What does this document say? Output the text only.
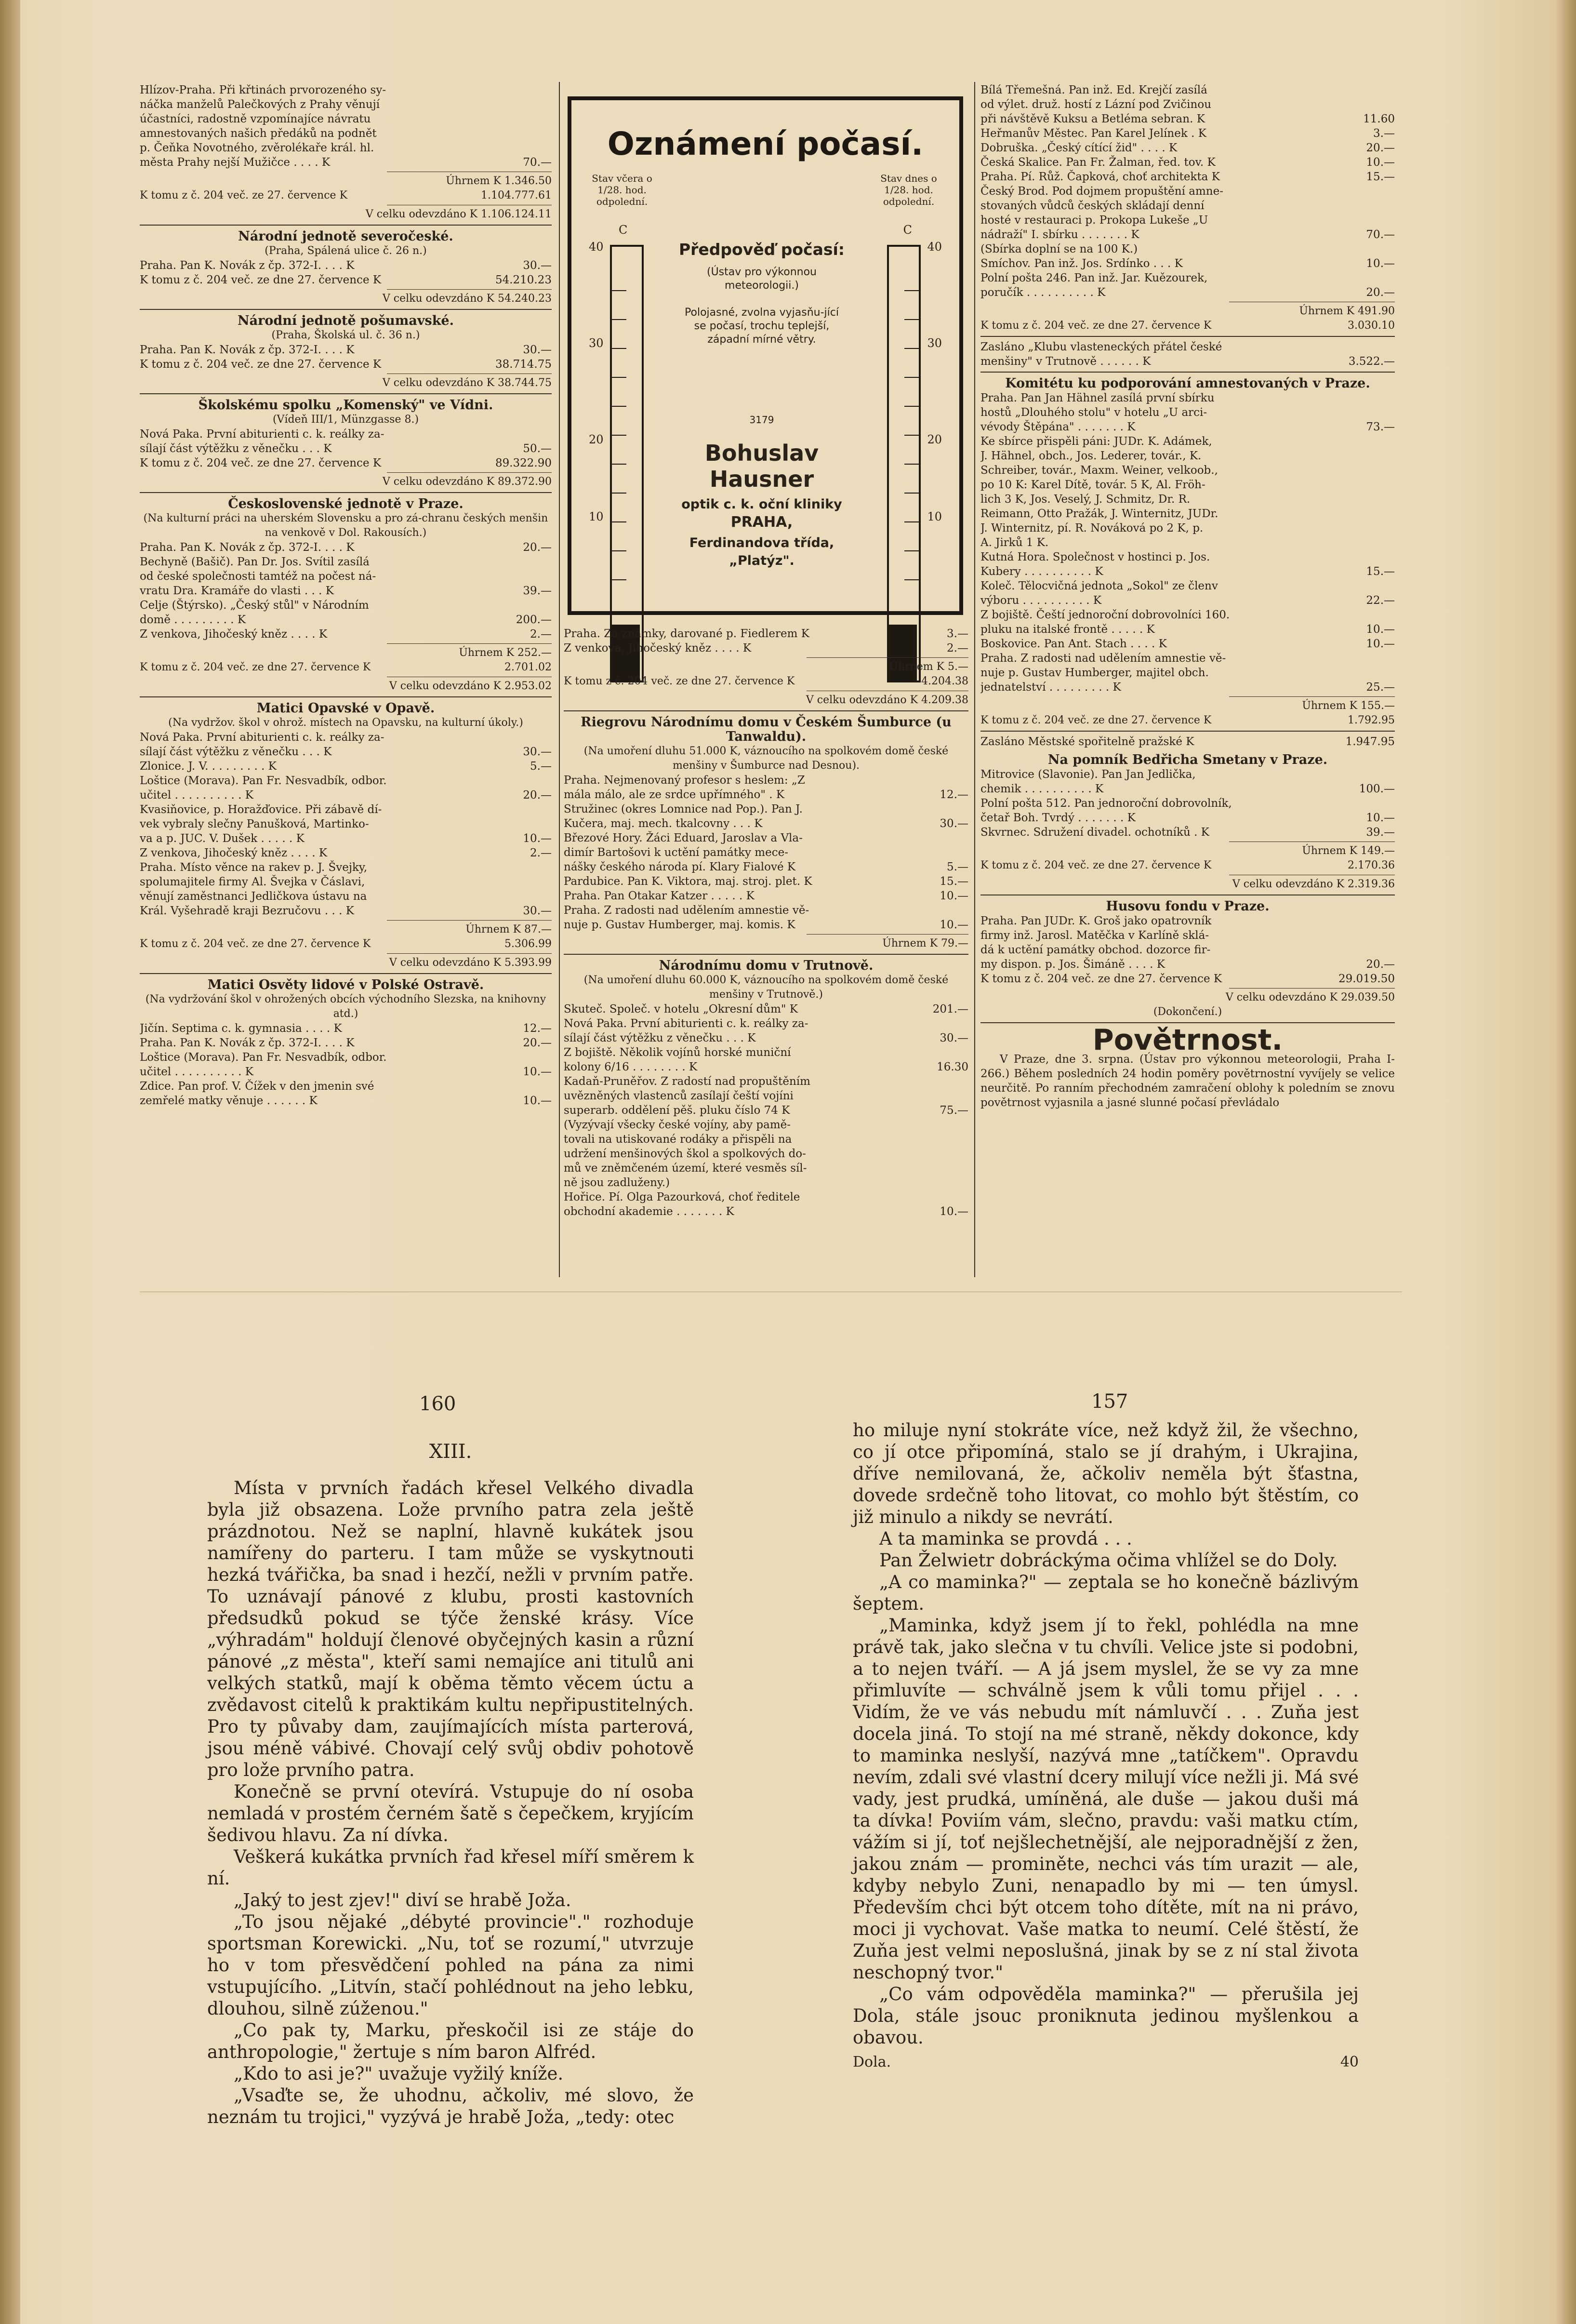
Hlízov-Praha. Při křtinách prvorozeného sy-
náčka manželů Palečkových z Prahy věnují
účastníci, radostně vzpomínajíce návratu
amnestovaných našich předáků na podnět
p. Čeňka Novotného, zvěrolékaře král. hl.
města Prahy nejší Mužičce . . . . K	70.—
Úhrnem K 1.346.50
K tomu z č. 204 več. ze 27. července K	1.104.777.61
V celku odevzdáno K 1.106.124.11
Národní jednotě severočeské.
(Praha, Spálená ulice č. 26 n.)
Praha. Pan K. Novák z čp. 372-I. . . . K	30.—
K tomu z č. 204 več. ze dne 27. července K	54.210.23
V celku odevzdáno K 54.240.23
Národní jednotě pošumavské.
(Praha, Školská ul. č. 36 n.)
Praha. Pan K. Novák z čp. 372-I. . . . K	30.—
K tomu z č. 204 več. ze dne 27. července K	38.714.75
V celku odevzdáno K 38.744.75
Školskému spolku „Komenský" ve Vídni.
(Vídeň III/1, Münzgasse 8.)
Nová Paka. První abiturienti c. k. reálky za-
sílají část výtěžku z věnečku . . . K	50.—
K tomu z č. 204 več. ze dne 27. července K	89.322.90
V celku odevzdáno K 89.372.90
Československé jednotě v Praze.
(Na kulturní práci na uherském Slovensku a pro zá-chranu českých menšin na venkově v Dol. Rakousích.)
Praha. Pan K. Novák z čp. 372-I. . . . K	20.—
Bechyně (Bašič). Pan Dr. Jos. Svítil zasílá
od české společnosti tamtéž na počest ná-
vratu Dra. Kramáře do vlasti . . . K	39.—
Celje (Štýrsko). „Český stůl" v Národním
domě . . . . . . . . . K	200.—
Z venkova, Jihočeský kněz . . . . K	2.—
Úhrnem K 252.—
K tomu z č. 204 več. ze dne 27. července K	2.701.02
V celku odevzdáno K 2.953.02
Matici Opavské v Opavě.
(Na vydržov. škol v ohrož. místech na Opavsku, na kulturní úkoly.)
Nová Paka. První abiturienti c. k. reálky za-
sílají část výtěžku z věnečku . . . K	30.—
Zlonice. J. V. . . . . . . . . K	5.—
Loštice (Morava). Pan Fr. Nesvadbík, odbor.
učitel . . . . . . . . . . K	20.—
Kvasiňovice, p. Horažďovice. Při zábavě dí-
vek vybraly slečny Panušková, Martinko-
va a p. JUC. V. Dušek . . . . . K	10.—
Z venkova, Jihočeský kněz . . . . K	2.—
Praha. Místo věnce na rakev p. J. Švejky,
spolumajitele firmy Al. Švejka v Čáslavi,
věnují zaměstnanci Jedličkova ústavu na
Král. Vyšehradě kraji Bezručovu . . . K	30.—
Úhrnem K 87.—
K tomu z č. 204 več. ze dne 27. července K	5.306.99
V celku odevzdáno K 5.393.99
Matici Osvěty lidové v Polské Ostravě.
(Na vydržování škol v ohrožených obcích východního Slezska, na knihovny atd.)
Jičín. Septima c. k. gymnasia . . . . K	12.—
Praha. Pan K. Novák z čp. 372-I. . . . K	20.—
Loštice (Morava). Pan Fr. Nesvadbík, odbor.
učitel . . . . . . . . . . K	10.—
Zdice. Pan prof. V. Čížek v den jmenin své
zemřelé matky věnuje . . . . . . K	10.—
Oznámení počasí.
Stav včera o 1/28. hod. odpolední.
Stav dnes o 1/28. hod. odpolední.
C	C
40
30
20
10
40
30
20
10
Předpověď počasí:
(Ústav pro výkonnou meteorologii.)
Polojasné, zvolna vyjasňu-jící se počasí, trochu teplejší, západní mírné větry.
3179
Bohuslav Hausner
optik c. k. oční kliniky
PRAHA,
Ferdinandova třída,
„Platýz".
Praha. Za známky, darované p. Fiedlerem K	3.—
Z venkova, Jihočeský kněz . . . . K	2.—
Úhrnem K 5.—
K tomu z č. 204 več. ze dne 27. července K	4.204.38
V celku odevzdáno K 4.209.38
Riegrovu Národnímu domu v Českém Šumburce (u Tanwaldu).
(Na umoření dluhu 51.000 K, váznoucího na spolkovém domě české menšiny v Šumburce nad Desnou).
Praha. Nejmenovaný profesor s heslem: „Z
mála málo, ale ze srdce upřímného" . K	12.—
Stružinec (okres Lomnice nad Pop.). Pan J.
Kučera, maj. mech. tkalcovny . . . K	30.—
Březové Hory. Žáci Eduard, Jaroslav a Vla-
dimír Bartošovi k uctění památky mece-
nášky českého národa pí. Klary Fialové K	5.—
Pardubice. Pan K. Viktora, maj. stroj. plet. K	15.—
Praha. Pan Otakar Katzer . . . . . K	10.—
Praha. Z radosti nad udělením amnestie vě-
nuje p. Gustav Humberger, maj. komis. K	10.—
Úhrnem K 79.—
Národnímu domu v Trutnově.
(Na umoření dluhu 60.000 K, váznoucího na spolkovém domě české menšiny v Trutnově.)
Skuteč. Společ. v hotelu „Okresní dům" K	201.—
Nová Paka. První abiturienti c. k. reálky za-
sílají část výtěžku z věnečku . . . K	30.—
Z bojiště. Několik vojínů horské muniční
kolony 6/16 . . . . . . . . K	16.30
Kadaň-Pruněřov. Z radostí nad propuštěním
uvězněných vlastenců zasílají čeští vojíni
superarb. oddělení pěš. pluku číslo 74 K	75.—
(Vyzývají všecky české vojíny, aby pamě-
tovali na utiskované rodáky a přispěli na
udržení menšinových škol a spolkových do-
mů ve zněmčeném území, které vesměs síl-
ně jsou zadluženy.)
Hořice. Pí. Olga Pazourková, choť ředitele
obchodní akademie . . . . . . . K	10.—
Bílá Třemešná. Pan inž. Ed. Krejčí zasílá
od výlet. druž. hostí z Lázní pod Zvičinou
při návštěvě Kuksu a Betléma sebran. K	11.60
Heřmanův Městec. Pan Karel Jelínek . K	3.—
Dobruška. „Český cítící žid" . . . . K	20.—
Česká Skalice. Pan Fr. Žalman, řed. tov. K	10.—
Praha. Pí. Růž. Čapková, choť architekta K	15.—
Český Brod. Pod dojmem propuštění amne-
stovaných vůdců českých skládají denní
hosté v restauraci p. Prokopa Lukeše „U
nádraží" I. sbírku . . . . . . . K	70.—
(Sbírka doplní se na 100 K.)
Smíchov. Pan inž. Jos. Srdínko . . . K	10.—
Polní pošta 246. Pan inž. Jar. Kuězourek,
poručík . . . . . . . . . . K	20.—
Úhrnem K 491.90
K tomu z č. 204 več. ze dne 27. července K	3.030.10
Zasláno „Klubu vlasteneckých přátel české
menšiny" v Trutnově . . . . . . K	3.522.—
Komitétu ku podporování amnestovaných v Praze.
Praha. Pan Jan Hähnel zasílá první sbírku
hostů „Dlouhého stolu" v hotelu „U arci-
vévody Štěpána" . . . . . . . K	73.—
Ke sbírce přispěli páni: JUDr. K. Adámek,
J. Hähnel, obch., Jos. Lederer, továr., K.
Schreiber, továr., Maxm. Weiner, velkoob.,
po 10 K: Karel Dítě, továr. 5 K, Al. Fröh-
lich 3 K, Jos. Veselý, J. Schmitz, Dr. R.
Reimann, Otto Pražák, J. Winternitz, JUDr.
J. Winternitz, pí. R. Nováková po 2 K, p.
A. Jirků 1 K.
Kutná Hora. Společnost v hostinci p. Jos.
Kubery . . . . . . . . . . K	15.—
Koleč. Tělocvičná jednota „Sokol" ze členv
výboru . . . . . . . . . . K	22.—
Z bojiště. Čeští jednoroční dobrovolníci 160.
pluku na italské frontě . . . . . K	10.—
Boskovice. Pan Ant. Stach . . . . K	10.—
Praha. Z radosti nad udělením amnestie vě-
nuje p. Gustav Humberger, majitel obch.
jednatelství . . . . . . . . . K	25.—
Úhrnem K 155.—
K tomu z č. 204 več. ze dne 27. července K	1.792.95
Zasláno Městské spořitelně pražské K	1.947.95
Na pomník Bedřicha Smetany v Praze.
Mitrovice (Slavonie). Pan Jan Jedlička,
chemik . . . . . . . . . . K	100.—
Polní pošta 512. Pan jednoroční dobrovolník,
četař Boh. Tvrdý . . . . . . . K	10.—
Skvrnec. Sdružení divadel. ochotníků . K	39.—
Úhrnem K 149.—
K tomu z č. 204 več. ze dne 27. července K	2.170.36
V celku odevzdáno K 2.319.36
Husovu fondu v Praze.
Praha. Pan JUDr. K. Groš jako opatrovník
firmy inž. Jarosl. Matěčka v Karlíně sklá-
dá k uctění památky obchod. dozorce fir-
my dispon. p. Jos. Šimáně . . . . K	20.—
K tomu z č. 204 več. ze dne 27. července K	29.019.50
V celku odevzdáno K 29.039.50
(Dokončení.)
Povětrnost.

V Praze, dne 3. srpna. (Ústav pro výkonnou meteorologii, Praha I-266.) Během posledních 24 hodin poměry povětrnostní vyvíjely se velice neurčitě. Po ranním přechodném zamračení oblohy k poledním se znovu povětrnost vyjasnila a jasné slunné počasí převládalo

160	157
XIII.

Místa v prvních řadách křesel Velkého divadla byla již obsazena. Lože prvního patra zela ještě prázdnotou. Než se naplní, hlavně kukátek jsou namířeny do parteru. I tam může se vyskytnouti hezká tvářička, ba snad i hezčí, nežli v prvním patře. To uznávají pánové z klubu, prosti kastovních předsudků pokud se týče ženské krásy. Více „výhradám" holdují členové obyčejných kasin a různí pánové „z města", kteří sami nemajíce ani titulů ani velkých statků, mají k oběma těmto věcem úctu a zvědavost citelů k praktikám kultu nepřipustitelných. Pro ty půvaby dam, zaujímajících místa parterová, jsou méně vábivé. Chovají celý svůj obdiv pohotově pro lože prvního patra.

Konečně se první otevírá. Vstupuje do ní osoba nemladá v prostém černém šatě s čepečkem, kryjícím šedivou hlavu. Za ní dívka.

Veškerá kukátka prvních řad křesel míří směrem k ní.

„Jaký to jest zjev!" diví se hrabě Joža.

„To jsou nějaké „débyté provincie"." rozhoduje sportsman Korewicki. „Nu, toť se rozumí," utvrzuje ho v tom přesvědčení pohled na pána za nimi vstupujícího. „Litvín, stačí pohlédnout na jeho lebku, dlouhou, silně zúženou."

„Co pak ty, Marku, přeskočil isi ze stáje do anthropologie," žertuje s ním baron Alfréd.

„Kdo to asi je?" uvažuje vyžilý kníže.

„Vsaďte se, že uhodnu, ačkoliv, mé slovo, že neznám tu trojici," vyzývá je hrabě Joža, „tedy: otec

ho miluje nyní stokráte více, než když žil, že všechno, co jí otce připomíná, stalo se jí drahým, i Ukrajina, dříve nemilovaná, že, ačkoliv neměla být šťastna, dovede srdečně toho litovat, co mohlo být štěstím, co již minulo a nikdy se nevrátí.

A ta maminka se provdá . . .

Pan Želwietr dobráckýma očima vhlížel se do Doly.

„A co maminka?" — zeptala se ho konečně bázlivým šeptem.

„Maminka, když jsem jí to řekl, pohlédla na mne právě tak, jako slečna v tu chvíli. Velice jste si podobni, a to nejen tváří. — A já jsem myslel, že se vy za mne přimluvíte — schválně jsem k vůli tomu přijel . . . Vidím, že ve vás nebudu mít námluvčí . . . Zuňa jest docela jiná. To stojí na mé straně, někdy dokonce, kdy to maminka neslyší, nazývá mne „tatíčkem". Opravdu nevím, zdali své vlastní dcery milují více nežli ji. Má své vady, jest prudká, umíněná, ale duše — jakou duši má ta dívka! Poviím vám, slečno, pravdu: vaši matku ctím, vážím si jí, toť nejšlechetnější, ale nejporadnější z žen, jakou znám — prominěte, nechci vás tím urazit — ale, kdyby nebylo Zuni, nenapadlo by mi — ten úmysl. Především chci být otcem toho dítěte, mít na ni právo, moci ji vychovat. Vaše matka to neumí. Celé štěstí, že Zuňa jest velmi neposlušná, jinak by se z ní stal života neschopný tvor."

„Co vám odpověděla maminka?" — přerušila jej Dola, stále jsouc proniknuta jedinou myšlenkou a obavou.

Dola.	40
